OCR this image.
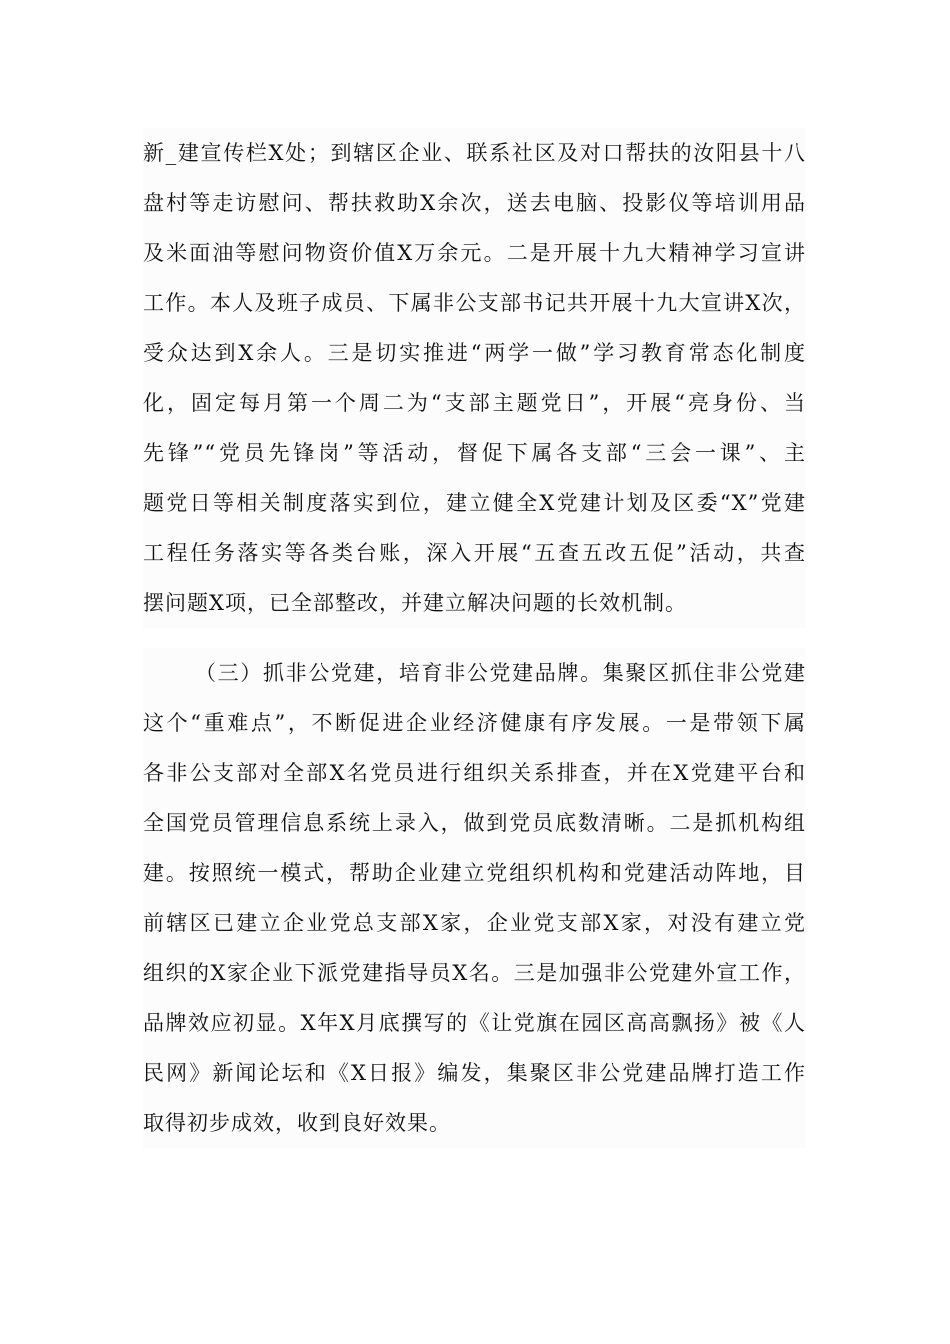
新_建宣传栏X处；到辖区企业、联系社区及对口帮扶的汝阳县十八
盘村等走访慰问、帮扶救助X余次，送去电脑、投影仪等培训用品
及米面油等慰问物资价值X万余元。二是开展十九大精神学习宣讲
工作。本人及班子成员、下属非公支部书记共开展十九大宣讲X次，
受众达到X余人。三是切实推进“两学一做”学习教育常态化制度
化，固定每月第一个周二为“支部主题党日”，开展“亮身份、当
先锋”“党员先锋岗”等活动，督促下属各支部“三会一课”、主
题党日等相关制度落实到位，建立健全X党建计划及区委“X”党建
工程任务落实等各类台账，深入开展“五查五改五促”活动，共查
摆问题X项，已全部整改，并建立解决问题的长效机制。
（三）抓非公党建，培育非公党建品牌。集聚区抓住非公党建
这个“重难点”，不断促进企业经济健康有序发展。一是带领下属
各非公支部对全部X名党员进行组织关系排查，并在X党建平台和
全国党员管理信息系统上录入，做到党员底数清晰。二是抓机构组
建。按照统一模式，帮助企业建立党组织机构和党建活动阵地，目
前辖区已建立企业党总支部X家，企业党支部X家，对没有建立党
组织的X家企业下派党建指导员X名。三是加强非公党建外宣工作，
品牌效应初显。X年X月底撰写的《让党旗在园区高高飘扬》被《人
民网》新闻论坛和《X日报》编发，集聚区非公党建品牌打造工作
取得初步成效，收到良好效果。
